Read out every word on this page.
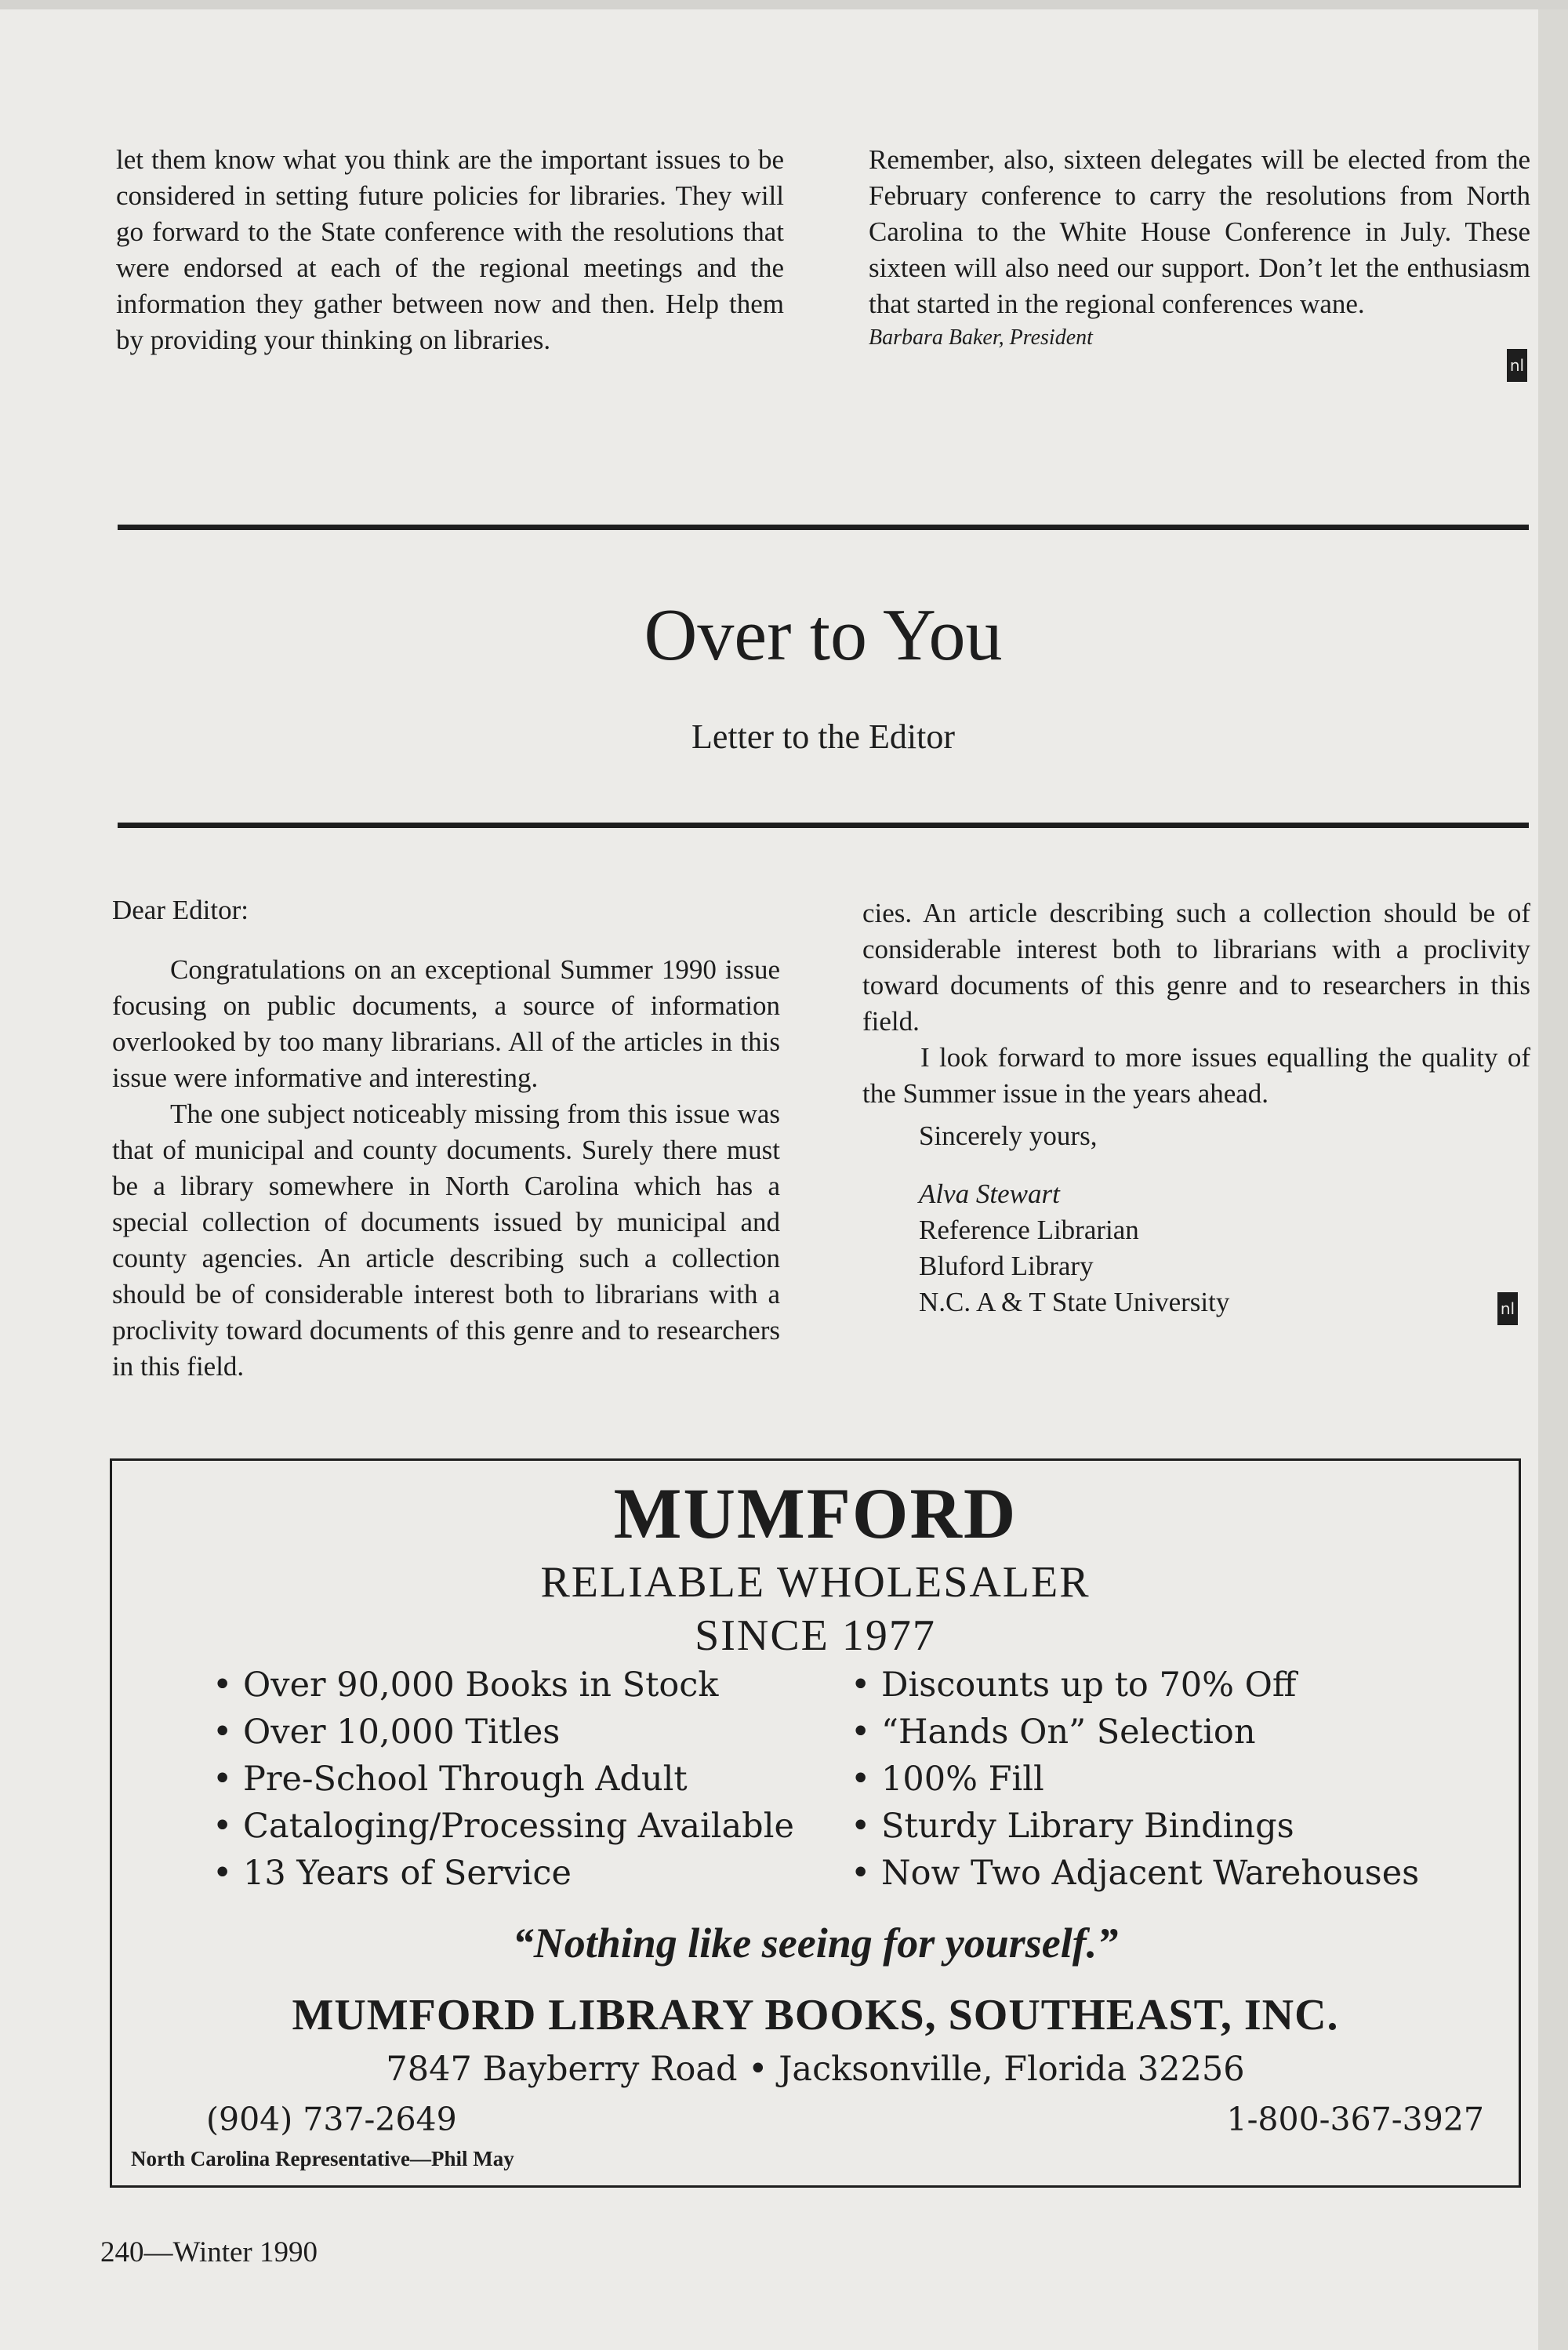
let them know what you think are the important issues to be considered in setting future policies for libraries. They will go forward to the State conference with the resolutions that were endorsed at each of the regional meetings and the information they gather between now and then. Help them by providing your thinking on libraries.

Remember, also, sixteen delegates will be elected from the February conference to carry the resolutions from North Carolina to the White House Conference in July. These sixteen will also need our support. Don’t let the enthusiasm that started in the regional conferences wane.

Barbara Baker, President

nl
Over to You
Letter to the Editor

Dear Editor:

Congratulations on an exceptional Summer 1990 issue focusing on public documents, a source of information overlooked by too many librarians. All of the articles in this issue were informative and interesting.

The one subject noticeably missing from this issue was that of municipal and county documents. Surely there must be a library somewhere in North Carolina which has a special collection of documents issued by municipal and county agencies. An article describing such a collection should be of considerable interest both to librarians with a proclivity toward documents of this genre and to researchers in this field.

cies. An article describing such a collection should be of considerable interest both to librarians with a proclivity toward documents of this genre and to researchers in this field.

I look forward to more issues equalling the quality of the Summer issue in the years ahead.

Sincerely yours,
Alva Stewart
Reference Librarian
Bluford Library
N.C. A & T State University	nl
MUMFORD
RELIABLE WHOLESALER
SINCE 1977
• Over 90,000 Books in Stock
• Over 10,000 Titles
• Pre-School Through Adult
• Cataloging/Processing Available
• 13 Years of Service
• Discounts up to 70% Off
• “Hands On” Selection
• 100% Fill
• Sturdy Library Bindings
• Now Two Adjacent Warehouses
“Nothing like seeing for yourself.”
MUMFORD LIBRARY BOOKS, SOUTHEAST, INC.
7847 Bayberry Road • Jacksonville, Florida 32256
(904) 737-2649	1-800-367-3927
North Carolina Representative—Phil May
240—Winter 1990
